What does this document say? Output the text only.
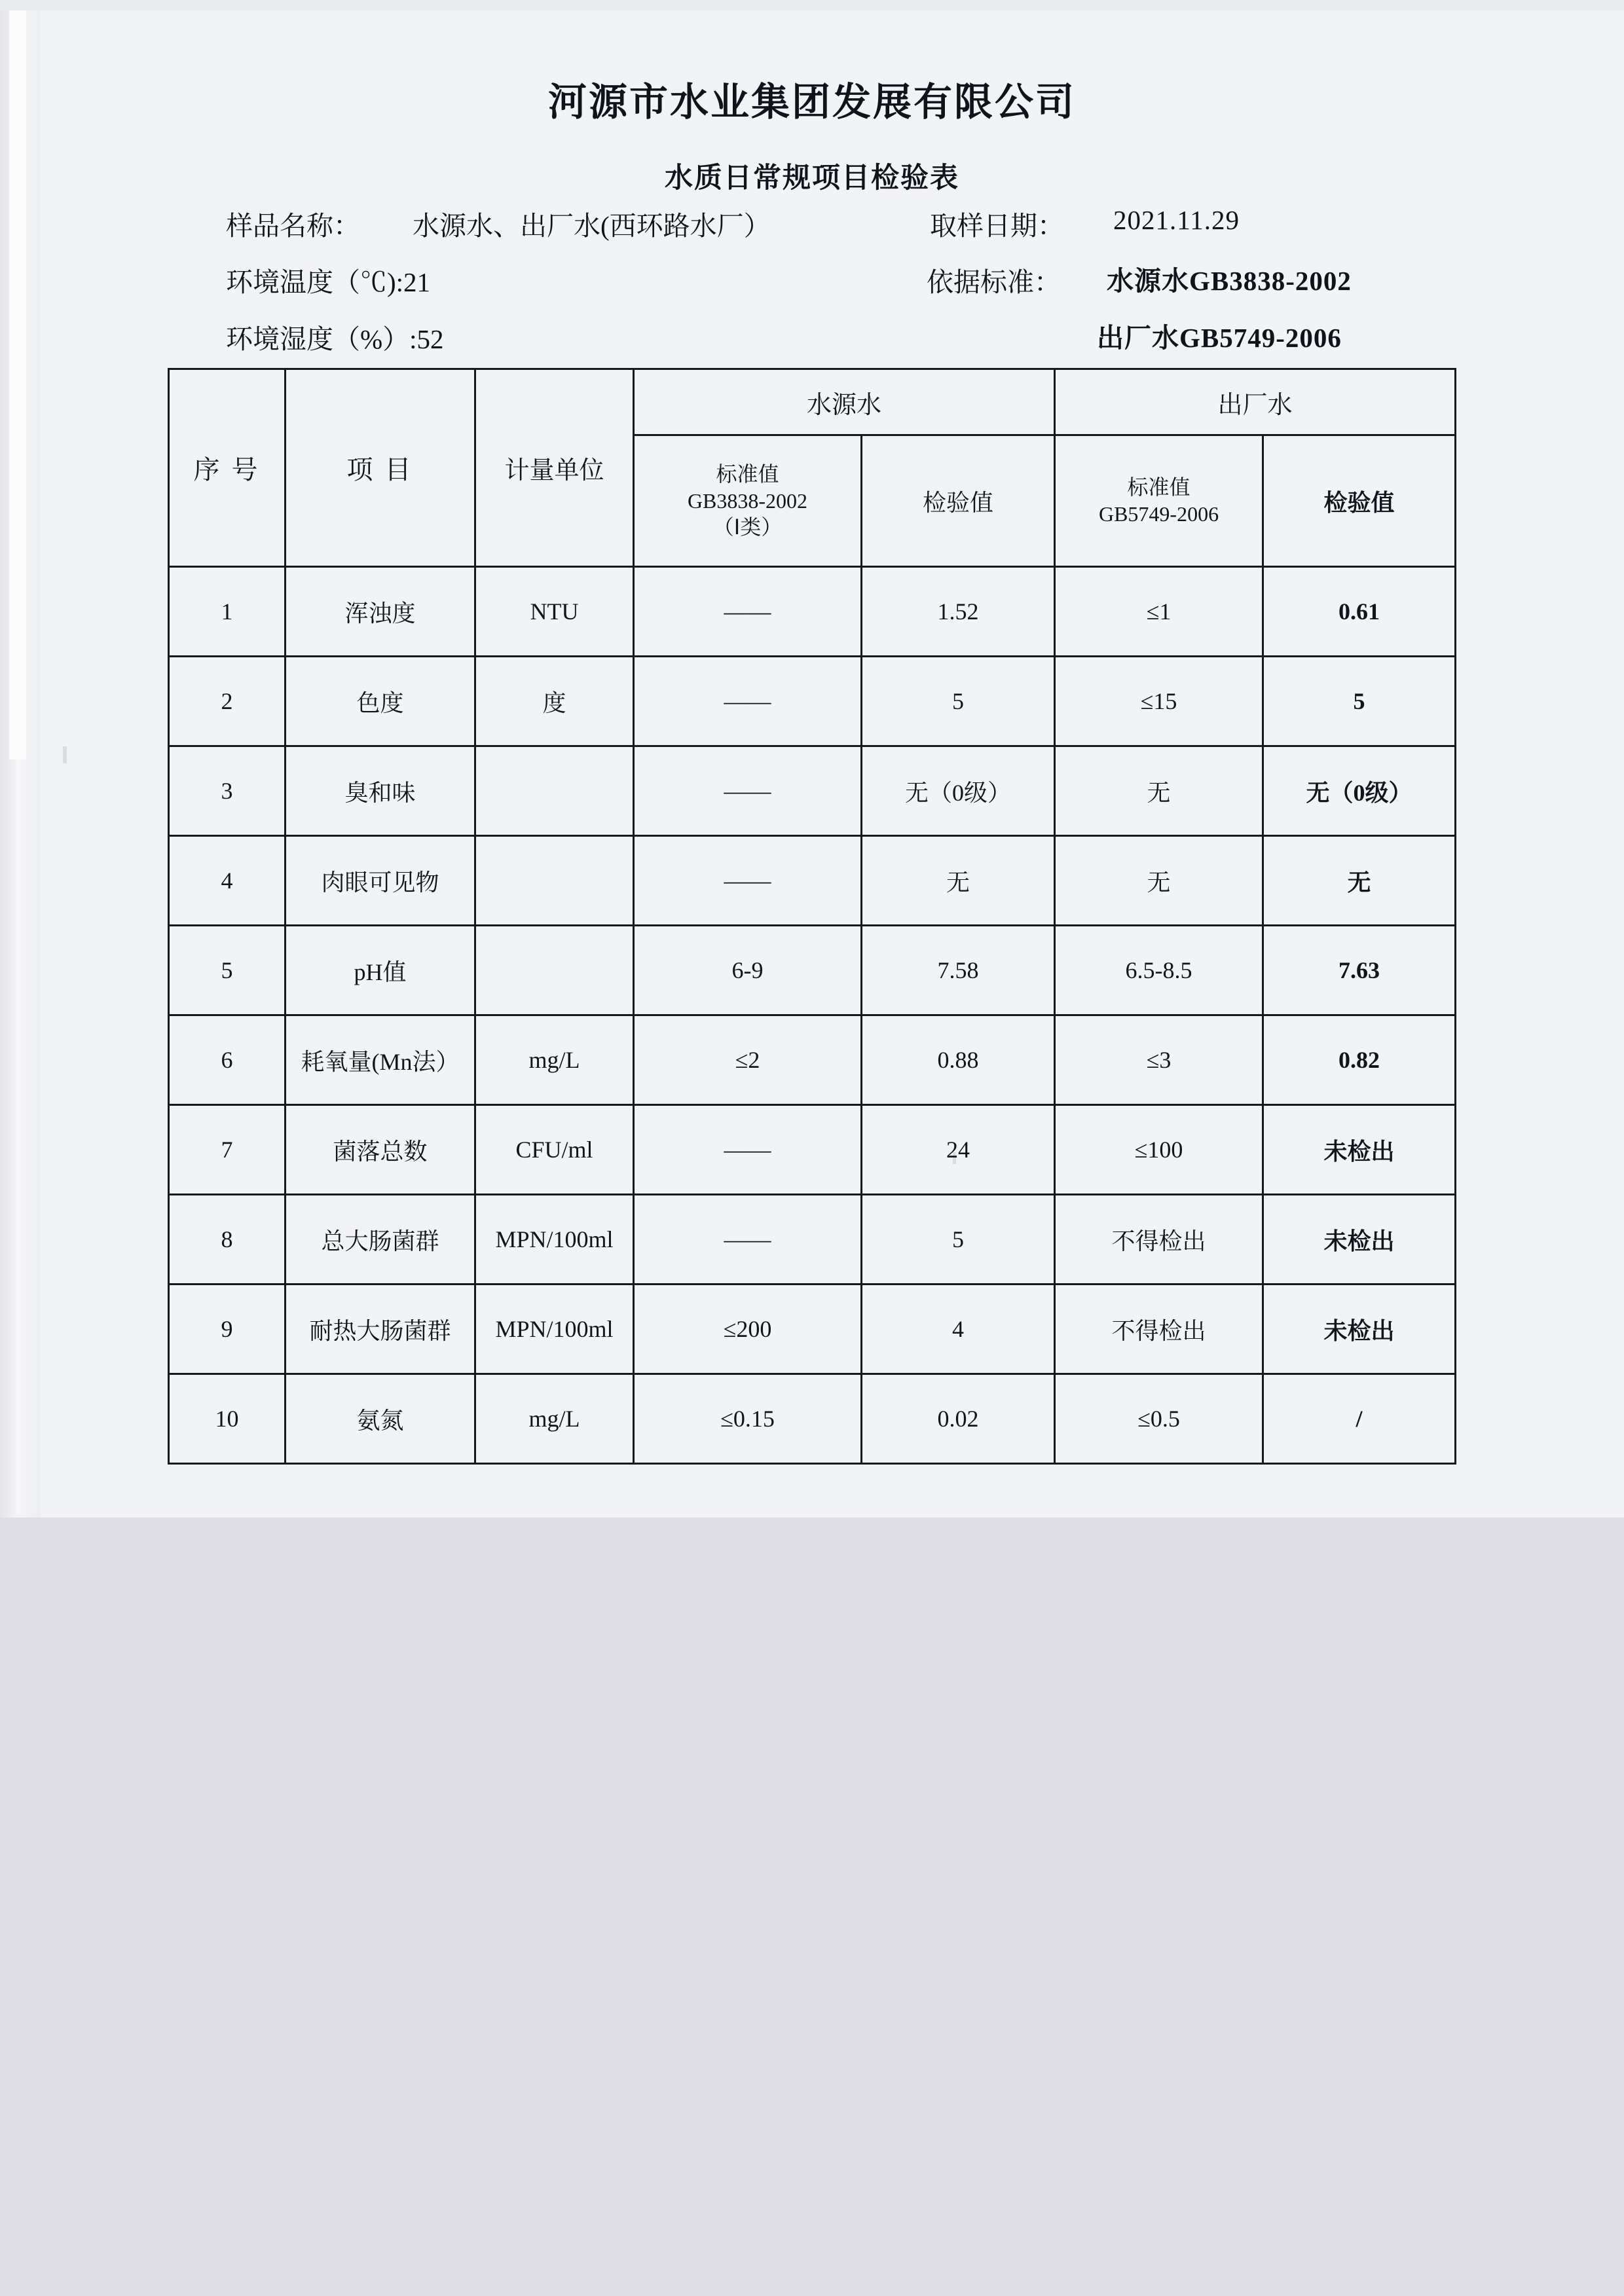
河源市水业集团发展有限公司
水质日常规项目检验表
样品名称： 水源水、出厂水(西环路水厂）	取样日期： 2021.11.29
环境温度（℃):21	依据标准： 水源水GB3838-2002
环境湿度（%）:52	出厂水GB5749-2006
序 号	项 目	计量单位	水源水		出厂水	

			标准值
GB3838-2002
（Ⅰ类）	检验值	标准值
GB5749-2006	检验值
1	浑浊度	NTU	——	1.52	≤1	0.61
2	色度	度	——	5	≤15	5
3	臭和味		——	无（0级）	无	无（0级）
4	肉眼可见物		——	无	无	无
5	pH值		6-9	7.58	6.5-8.5	7.63
6	耗氧量(Mn法）	mg/L	≤2	0.88	≤3	0.82
7	菌落总数	CFU/ml	——	24	≤100	未检出
8	总大肠菌群	MPN/100ml	——	5	不得检出	未检出
9	耐热大肠菌群	MPN/100ml	≤200	4	不得检出	未检出
10	氨氮	mg/L	≤0.15	0.02	≤0.5	/
